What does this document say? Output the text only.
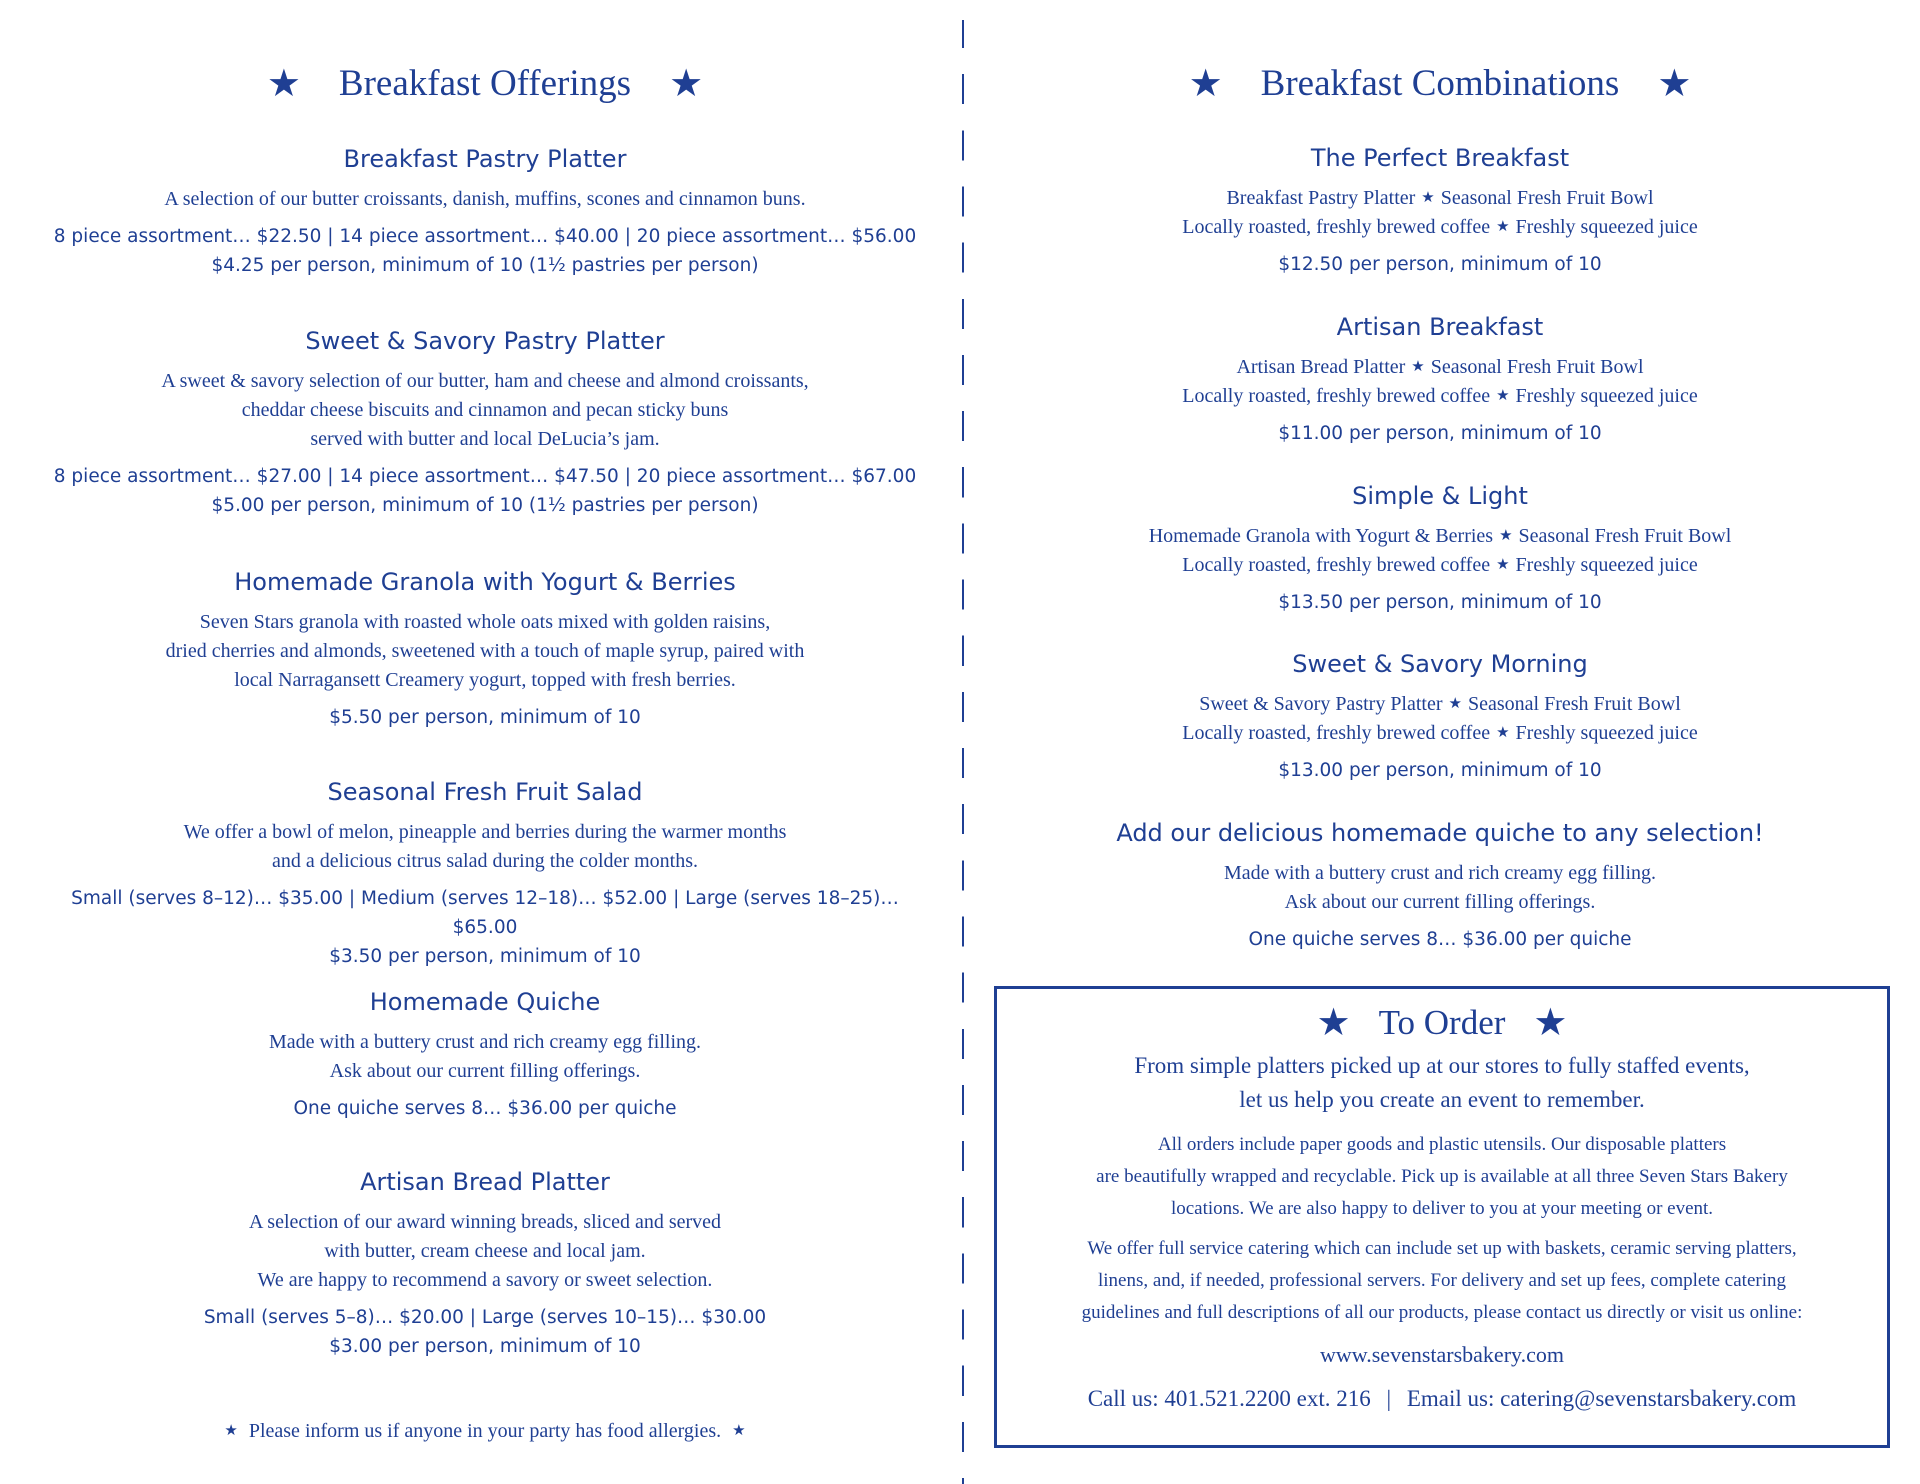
★ Breakfast Offerings ★
Breakfast Pastry Platter
A selection of our butter croissants, danish, muffins, scones and cinnamon buns.
8 piece assortment… $22.50 | 14 piece assortment… $40.00 | 20 piece assortment… $56.00
$4.25 per person, minimum of 10 (1½ pastries per person)
Sweet & Savory Pastry Platter
A sweet & savory selection of our butter, ham and cheese and almond croissants,
cheddar cheese biscuits and cinnamon and pecan sticky buns
served with butter and local DeLucia’s jam.
8 piece assortment… $27.00 | 14 piece assortment… $47.50 | 20 piece assortment… $67.00
$5.00 per person, minimum of 10 (1½ pastries per person)
Homemade Granola with Yogurt & Berries
Seven Stars granola with roasted whole oats mixed with golden raisins,
dried cherries and almonds, sweetened with a touch of maple syrup, paired with
local Narragansett Creamery yogurt, topped with fresh berries.
$5.50 per person, minimum of 10
Seasonal Fresh Fruit Salad
We offer a bowl of melon, pineapple and berries during the warmer months
and a delicious citrus salad during the colder months.
Small (serves 8–12)… $35.00 | Medium (serves 12–18)… $52.00 | Large (serves 18–25)… $65.00
$3.50 per person, minimum of 10
Homemade Quiche
Made with a buttery crust and rich creamy egg filling.
Ask about our current filling offerings.
One quiche serves 8… $36.00 per quiche
Artisan Bread Platter
A selection of our award winning breads, sliced and served
with butter, cream cheese and local jam.
We are happy to recommend a savory or sweet selection.
Small (serves 5–8)… $20.00 | Large (serves 10–15)… $30.00
$3.00 per person, minimum of 10
★ Please inform us if anyone in your party has food allergies. ★
★ Breakfast Combinations ★
The Perfect Breakfast
Breakfast Pastry Platter ★ Seasonal Fresh Fruit Bowl
Locally roasted, freshly brewed coffee ★ Freshly squeezed juice
$12.50 per person, minimum of 10
Artisan Breakfast
Artisan Bread Platter ★ Seasonal Fresh Fruit Bowl
Locally roasted, freshly brewed coffee ★ Freshly squeezed juice
$11.00 per person, minimum of 10
Simple & Light
Homemade Granola with Yogurt & Berries ★ Seasonal Fresh Fruit Bowl
Locally roasted, freshly brewed coffee ★ Freshly squeezed juice
$13.50 per person, minimum of 10
Sweet & Savory Morning
Sweet & Savory Pastry Platter ★ Seasonal Fresh Fruit Bowl
Locally roasted, freshly brewed coffee ★ Freshly squeezed juice
$13.00 per person, minimum of 10
Add our delicious homemade quiche to any selection!
Made with a buttery crust and rich creamy egg filling.
Ask about our current filling offerings.
One quiche serves 8… $36.00 per quiche
★ To Order ★
From simple platters picked up at our stores to fully staffed events,
let us help you create an event to remember.
All orders include paper goods and plastic utensils. Our disposable platters
are beautifully wrapped and recyclable. Pick up is available at all three Seven Stars Bakery
locations. We are also happy to deliver to you at your meeting or event.
We offer full service catering which can include set up with baskets, ceramic serving platters,
linens, and, if needed, professional servers. For delivery and set up fees, complete catering
guidelines and full descriptions of all our products, please contact us directly or visit us online:
www.sevenstarsbakery.com
Call us: 401.521.2200 ext. 216 | Email us: catering@sevenstarsbakery.com
